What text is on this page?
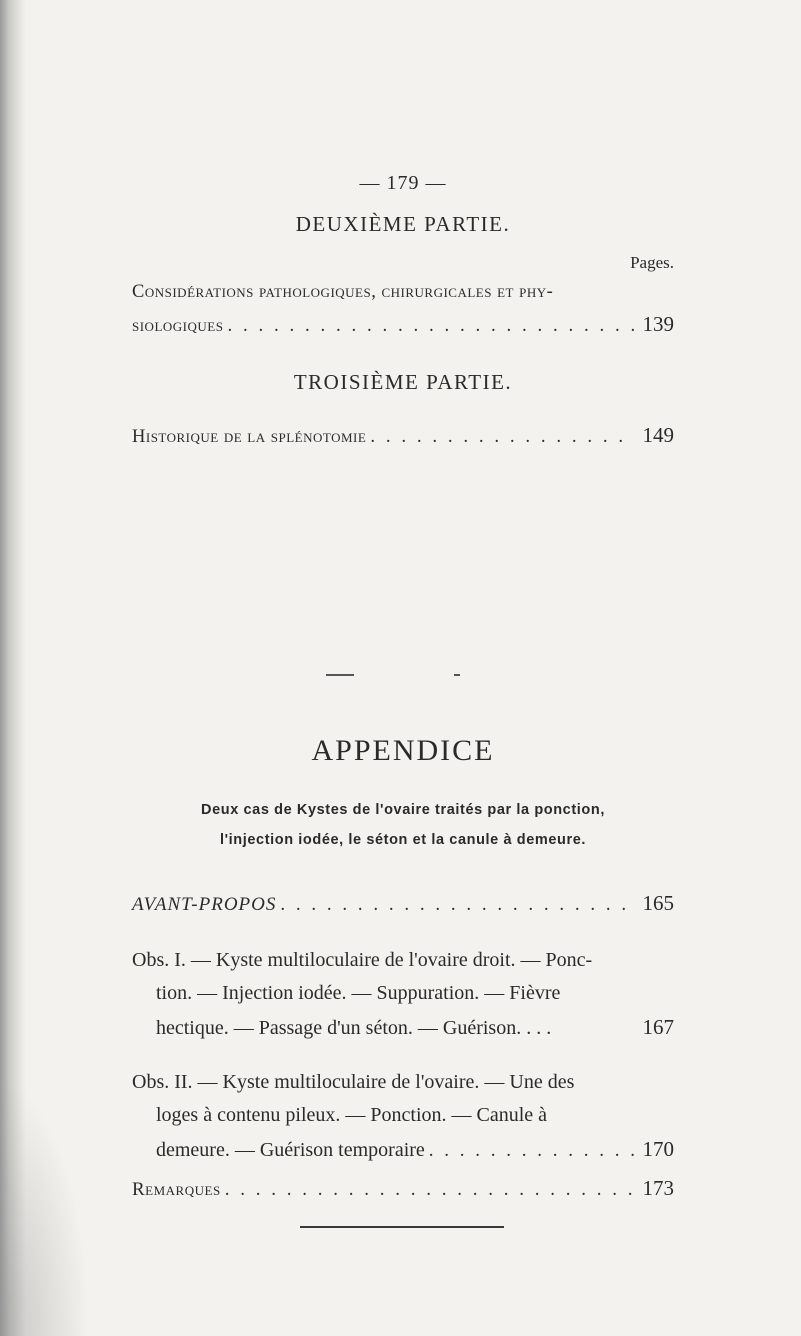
— 179 —
DEUXIÈME PARTIE.
Pages.
Considérations pathologiques, chirurgicales et phy-
siologiques . . .	139
TROISIÈME PARTIE.
Historique de la splénotomie . . .	149
APPENDICE
Deux cas de Kystes de l'ovaire traités par la ponction,
l'injection iodée, le séton et la canule à demeure.
AVANT-PROPOS . . .	165
Obs. I. — Kyste multiloculaire de l'ovaire droit. — Ponc-
tion. — Injection iodée. — Suppuration. — Fièvre
hectique. — Passage d'un séton. — Guérison. . . .	167
Obs. II. — Kyste multiloculaire de l'ovaire. — Une des
loges à contenu pileux. — Ponction. — Canule à
demeure. — Guérison temporaire . . .	170
Remarques . . .	173
